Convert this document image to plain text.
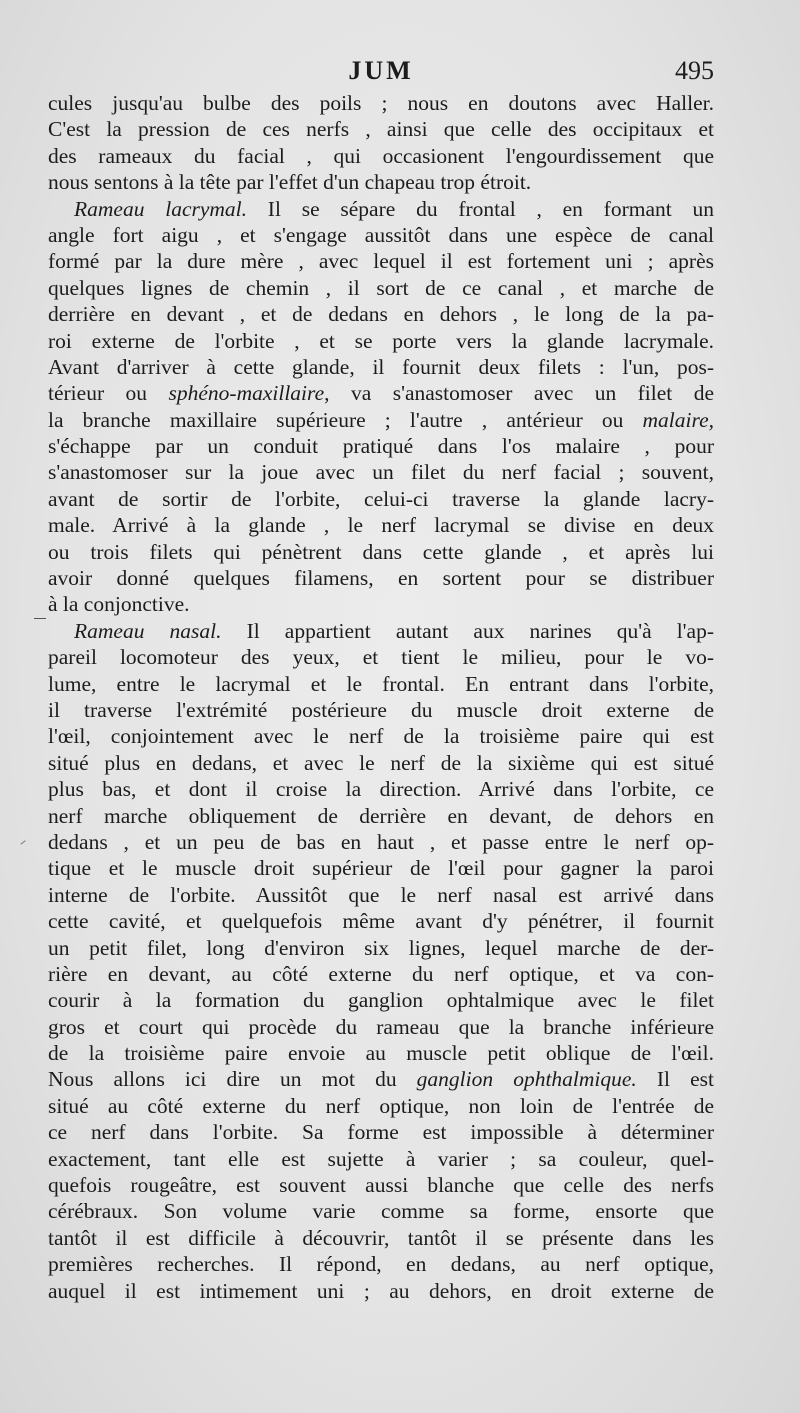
JUM	495
cules jusqu'au bulbe des poils ; nous en doutons avec Haller.
C'est la pression de ces nerfs , ainsi que celle des occipitaux et
des rameaux du facial , qui occasionent l'engourdissement que
nous sentons à la tête par l'effet d'un chapeau trop étroit.
Rameau lacrymal. Il se sépare du frontal , en formant un
angle fort aigu , et s'engage aussitôt dans une espèce de canal
formé par la dure mère , avec lequel il est fortement uni ; après
quelques lignes de chemin , il sort de ce canal , et marche de
derrière en devant , et de dedans en dehors , le long de la pa-
roi externe de l'orbite , et se porte vers la glande lacrymale.
Avant d'arriver à cette glande, il fournit deux filets : l'un, pos-
térieur ou sphéno-maxillaire, va s'anastomoser avec un filet de
la branche maxillaire supérieure ; l'autre , antérieur ou malaire,
s'échappe par un conduit pratiqué dans l'os malaire , pour
s'anastomoser sur la joue avec un filet du nerf facial ; souvent,
avant de sortir de l'orbite, celui-ci traverse la glande lacry-
male. Arrivé à la glande , le nerf lacrymal se divise en deux
ou trois filets qui pénètrent dans cette glande , et après lui
avoir donné quelques filamens, en sortent pour se distribuer
à la conjonctive.
Rameau nasal. Il appartient autant aux narines qu'à l'ap-
pareil locomoteur des yeux, et tient le milieu, pour le vo-
lume, entre le lacrymal et le frontal. En entrant dans l'orbite,
il traverse l'extrémité postérieure du muscle droit externe de
l'œil, conjointement avec le nerf de la troisième paire qui est
situé plus en dedans, et avec le nerf de la sixième qui est situé
plus bas, et dont il croise la direction. Arrivé dans l'orbite, ce
nerf marche obliquement de derrière en devant, de dehors en
dedans , et un peu de bas en haut , et passe entre le nerf op-
tique et le muscle droit supérieur de l'œil pour gagner la paroi
interne de l'orbite. Aussitôt que le nerf nasal est arrivé dans
cette cavité, et quelquefois même avant d'y pénétrer, il fournit
un petit filet, long d'environ six lignes, lequel marche de der-
rière en devant, au côté externe du nerf optique, et va con-
courir à la formation du ganglion ophtalmique avec le filet
gros et court qui procède du rameau que la branche inférieure
de la troisième paire envoie au muscle petit oblique de l'œil.
Nous allons ici dire un mot du ganglion ophthalmique. Il est
situé au côté externe du nerf optique, non loin de l'entrée de
ce nerf dans l'orbite. Sa forme est impossible à déterminer
exactement, tant elle est sujette à varier ; sa couleur, quel-
quefois rougeâtre, est souvent aussi blanche que celle des nerfs
cérébraux. Son volume varie comme sa forme, ensorte que
tantôt il est difficile à découvrir, tantôt il se présente dans les
premières recherches. Il répond, en dedans, au nerf optique,
auquel il est intimement uni ; au dehors, en droit externe de
